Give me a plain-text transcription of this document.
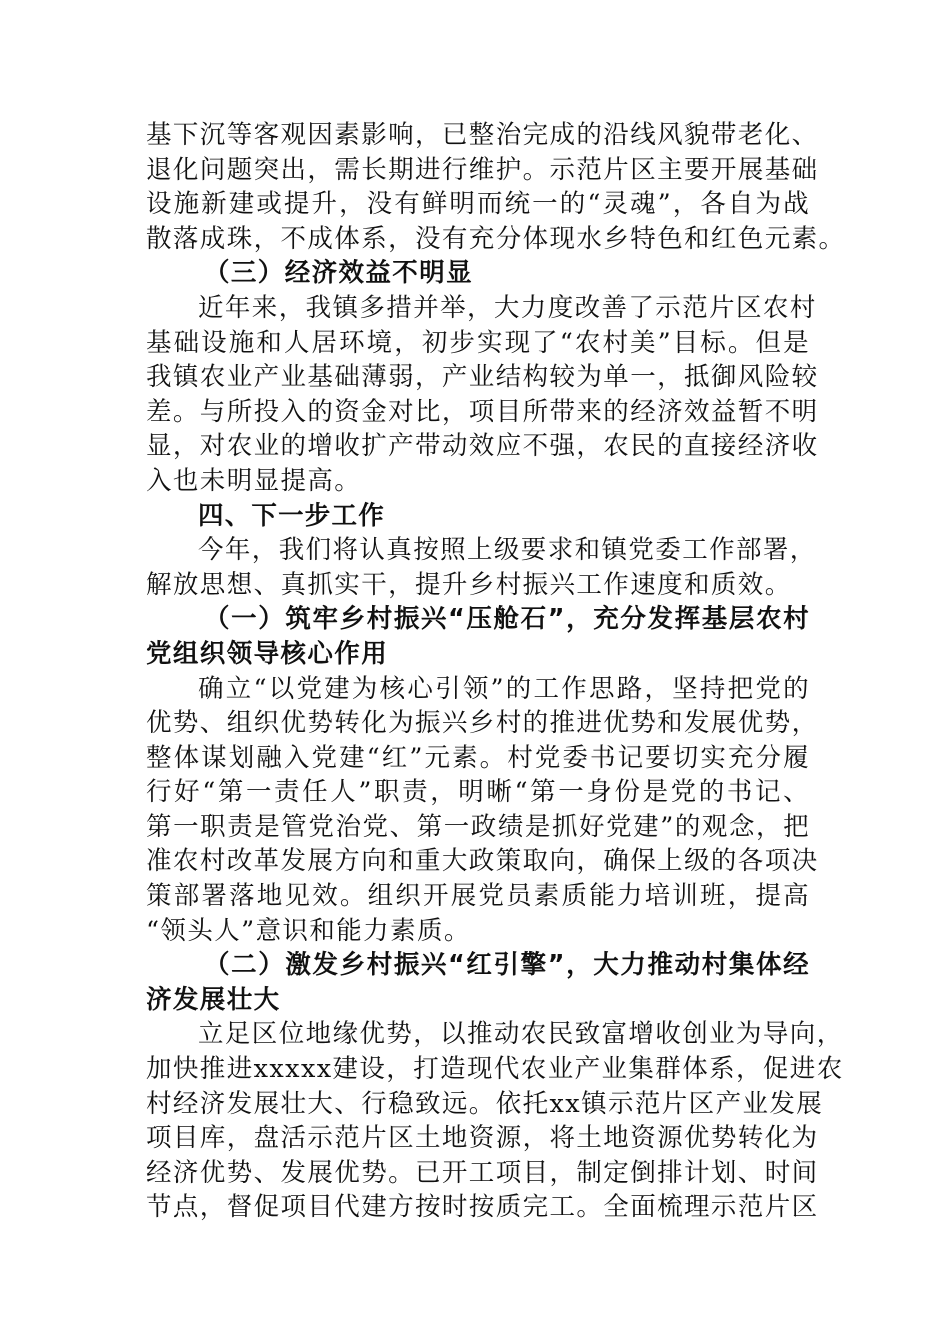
基下沉等客观因素影响，已整治完成的沿线风貌带老化、
退化问题突出，需长期进行维护。示范片区主要开展基础
设施新建或提升，没有鲜明而统一的“灵魂”，各自为战
散落成珠，不成体系，没有充分体现水乡特色和红色元素。
（三）经济效益不明显
近年来，我镇多措并举，大力度改善了示范片区农村
基础设施和人居环境，初步实现了“农村美”目标。但是
我镇农业产业基础薄弱，产业结构较为单一，抵御风险较
差。与所投入的资金对比，项目所带来的经济效益暂不明
显，对农业的增收扩产带动效应不强，农民的直接经济收
入也未明显提高。
四、下一步工作
今年，我们将认真按照上级要求和镇党委工作部署，
解放思想、真抓实干，提升乡村振兴工作速度和质效。
（一）筑牢乡村振兴“压舱石”，充分发挥基层农村
党组织领导核心作用
确立“以党建为核心引领”的工作思路，坚持把党的
优势、组织优势转化为振兴乡村的推进优势和发展优势，
整体谋划融入党建“红”元素。村党委书记要切实充分履
行好“第一责任人”职责，明晰“第一身份是党的书记、
第一职责是管党治党、第一政绩是抓好党建”的观念，把
准农村改革发展方向和重大政策取向，确保上级的各项决
策部署落地见效。组织开展党员素质能力培训班，提高
“领头人”意识和能力素质。
（二）激发乡村振兴“红引擎”，大力推动村集体经
济发展壮大
立足区位地缘优势，以推动农民致富增收创业为导向，
加快推进xxxxx建设，打造现代农业产业集群体系，促进农
村经济发展壮大、行稳致远。依托xx镇示范片区产业发展
项目库，盘活示范片区土地资源，将土地资源优势转化为
经济优势、发展优势。已开工项目，制定倒排计划、时间
节点，督促项目代建方按时按质完工。全面梳理示范片区
